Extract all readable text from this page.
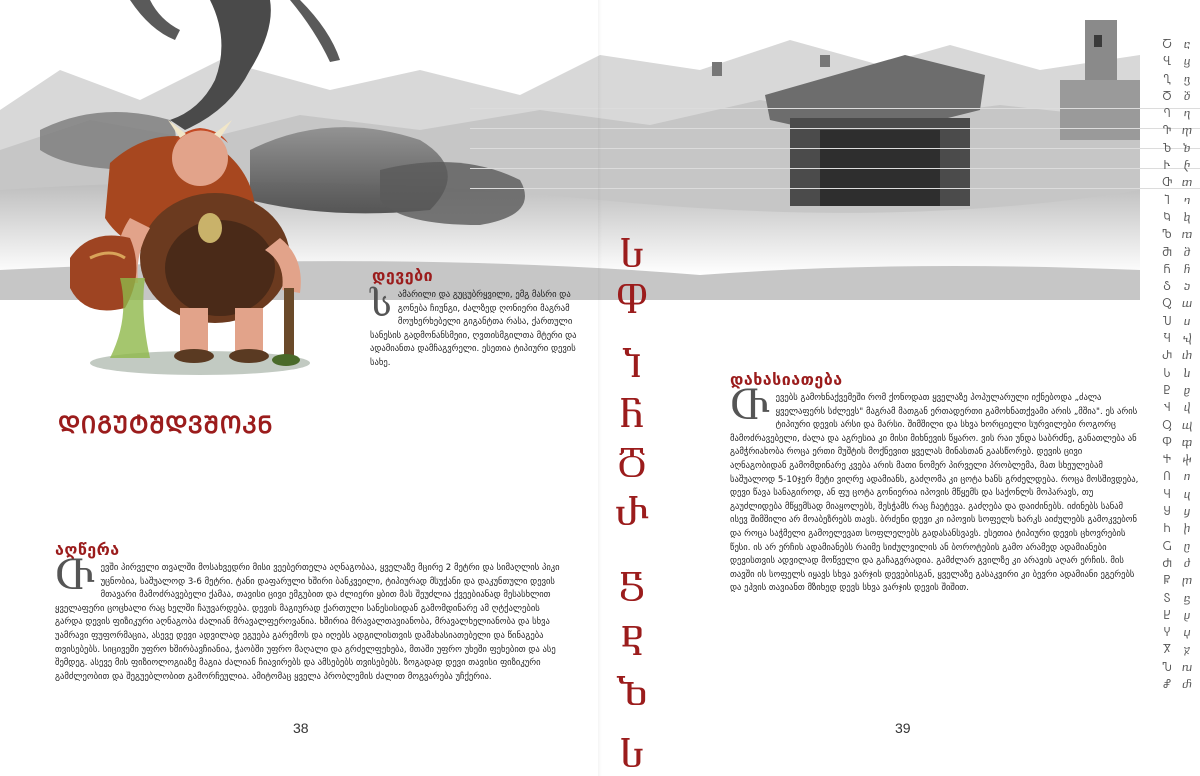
დევები

ს ამარილი და გუცუბრყვილი, ემგ მასრი და გონება ჩიუნგი, ძალზედ ღონიერი მაგრამ მოუხერხებელი გიგანტთა რასა, ქართული სანესის გადმონანსმეიი, ღვთისმგილთა მტერი და ადამიანთა დამჩაგვრელი. ესეთია ტიპიური დევის სახე.

ᲓᲘᲒᲣᲢᲨᲓᲕᲨᲝᲙᲜ
აღწერა

Ⴇ ევში პირველი თვალში მოსახვედრი მისი ვეებერთელა აღნაგობაა, ყველაზე მცირე 2 მეტრი და სიმაღლის პიკი უცნობია, საშუალოდ 3-6 მეტრი. ტანი დაფარული ხშირი ბანკვეილი, ტიპიურად მსუქანი და დაკუნთული დევის მთავარი მამოძრავებელი ქამაა, თავისი ცივი ემგუბით და ძლიერი ყბით მას შეუძლია ქვეებიანად მესასხლით ყველაფერი ცოცხალი რაც ხელში ჩაუვარდება. დევის მაგიურად ქართული სანესისიდან გამომდინარე ამ ღტქალების გარდა დევის ფიზიკური აღნაგობა ძალიან მრავალფეროვანია. ხშირია მრავალთავიანობა, მრავალხელიანობა და სხვა უამრავი ფუფორმაცია, ასევე დევი ადვილად ეგუება გარემოს და იღებს ადგილისთვის დამახასიათებელი და წინაგება თვისებებს. სიცივეში უფრო ხშირბავჩიანია, ჭაობში უფრო მაღალი და გრძელფეხება, მთაში უფრო უხეში ფეხებით და ასე შემდეგ. ასევე მის ფიზიოლოგიაზე მაგია ძალიან ჩიავირებს და ამსებებს თვისებებს. ზოგადად დევი თავისი ფიზიკური გამძლეობით და შეგუებლობით გამორჩეულია. ამიტომაც ყველა პრობლემის ძალით მოგვარება უჩქერია.

38
Ⴑ
Ⴔ
Ⴈ
Ⴌ
Ⴃ
Ⴐ
Ⴝ
Ⴒ
Ⴆ
Ⴑ
დახასიათება

Ⴇ ევებს გამოხნაქვემეში რომ ქონოდათ ყველაზე პოპულარული იქნებოდა „ძალა ყველაფერს სძლევს" მაგრამ მათგან ერთადერთი გამოხნათქვამი არის „მშია". ეს არის ტიპიური დევის არსი და მარსი. შიმშილი და სხვა ხორციელი სურვილები როგორც მამოძრავებელი, ძალა და აგრესია კი მისი მიხნევის წყარო. ვის რაი უნდა საბრძნე, განათლება ან გამჭრიახობა როცა ერთი მუშტის მოქნევით ყველას მინასთან გაასწორებ. დევის ცივი აღნაგობიდან გამომდინარე კვება არის მათი ნომერ პირველი პრობლემა, მათ სხეულებამ საშუალოდ 5-10ჯერ მეტი ვიღრე ადამიანს, გაძღომა კი ცოტა ხანს გრძელდება. როცა მოსშივდება, დევი წავა სანაგიროდ, ან ფუ ცოტა გონიერია იპოვის მწყემს და საქონლს მოპარავს, თუ გაუძლიდება მწყემსად მიაყოლებს, შესჭამს რაც ჩაეტევა. გაძღება და დაიძინებს. იძინებს სანამ ისევ შიმშილი არ მოაბეზრებს თავს. ბრძენი დევი კი იპოვის სოფელს ხარკს აიძულებს გამოკვებონ და როცა საჭმელი გამოელევათ სოფლელებს გადასანსვავს. ესეთია ტიპიური დევის ცხოვრების წესი. ის არ ერჩის ადამიანებს რაიმე სიძულვილის ან ბოროტების გამო არამედ ადამიანები დევისთვის ადვილად მოწველი და გაჩაგვრადია. გამძლარ გვილზე კი არავის აღარ ერჩის. მის თავში ის სოფელს იყავს სხვა ვარჯის დევებისგან, ყველაზე გასაკვირი კი ბევრი ადამიანი ეგერებს და ეჰვის თავიანთ მზიხედ დევს სხვა ვარჯის დევის შიშით.

39
Ⴀ
Ⴁ
Ⴂ
Ⴃ
Ⴄ
Ⴅ
Ⴆ
Ⴡ
Ⴇ
Ⴈ
Ⴉ
Ⴊ
Ⴋ
Ⴌ
Ⴢ
Ⴍ
Ⴎ
Ⴏ
Ⴐ
Ⴑ
Ⴒ
Ⴣ
Ⴓ
Ⴔ
Ⴕ
Ⴖ
Ⴗ
Ⴘ
Ⴙ
Ⴚ
Ⴛ
Ⴜ
Ⴝ
Ⴞ
Ⴤ
Ⴟ
Ⴠ
Ⴥ
ⴀ
ⴁ
ⴂ
ⴃ
ⴄ
ⴅ
ⴆ
ⴡ
ⴇ
ⴈ
ⴉ
ⴊ
ⴋ
ⴌ
ⴢ
ⴍ
ⴎ
ⴏ
ⴐ
ⴑ
ⴒ
ⴣ
ⴓ
ⴔ
ⴕ
ⴖ
ⴗ
ⴘ
ⴙ
ⴚ
ⴛ
ⴜ
ⴝ
ⴞ
ⴤ
ⴟ
ⴠ
ⴥ
